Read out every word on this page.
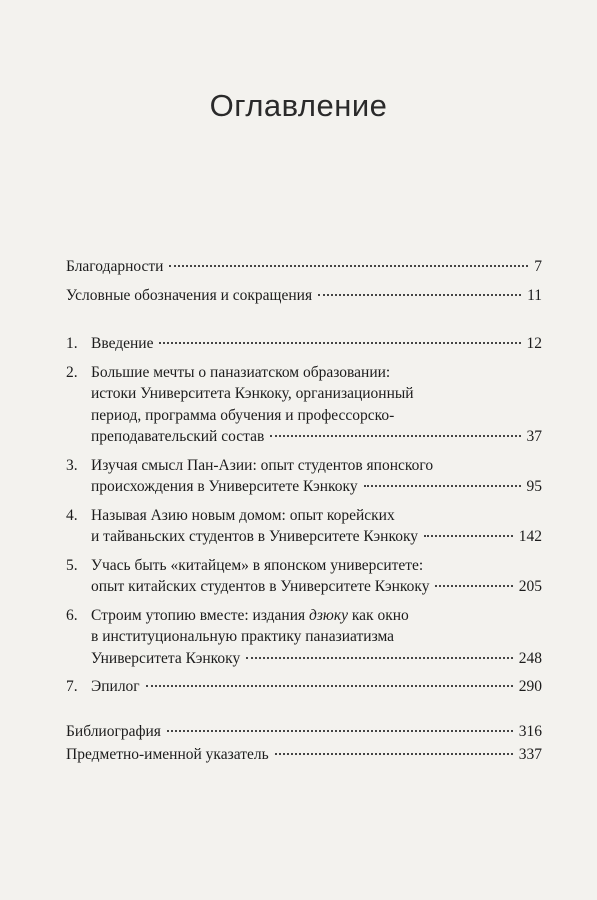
Оглавление
Благодарности	7
Условные обозначения и сокращения	11
1. Введение	12
2. Большие мечты о паназиатском образовании:
истоки Университета Кэнкоку, организационный
период, программа обучения и профессорско-
преподавательский состав	37
3. Изучая смысл Пан-Азии: опыт студентов японского
происхождения в Университете Кэнкоку	95
4. Называя Азию новым домом: опыт корейских
и тайваньских студентов в Университете Кэнкоку	142
5. Учась быть «китайцем» в японском университете:
опыт китайских студентов в Университете Кэнкоку	205
6. Строим утопию вместе: издания дзюку как окно
в институциональную практику паназиатизма
Университета Кэнкоку	248
7. Эпилог	290
Библиография	316
Предметно-именной указатель	337
